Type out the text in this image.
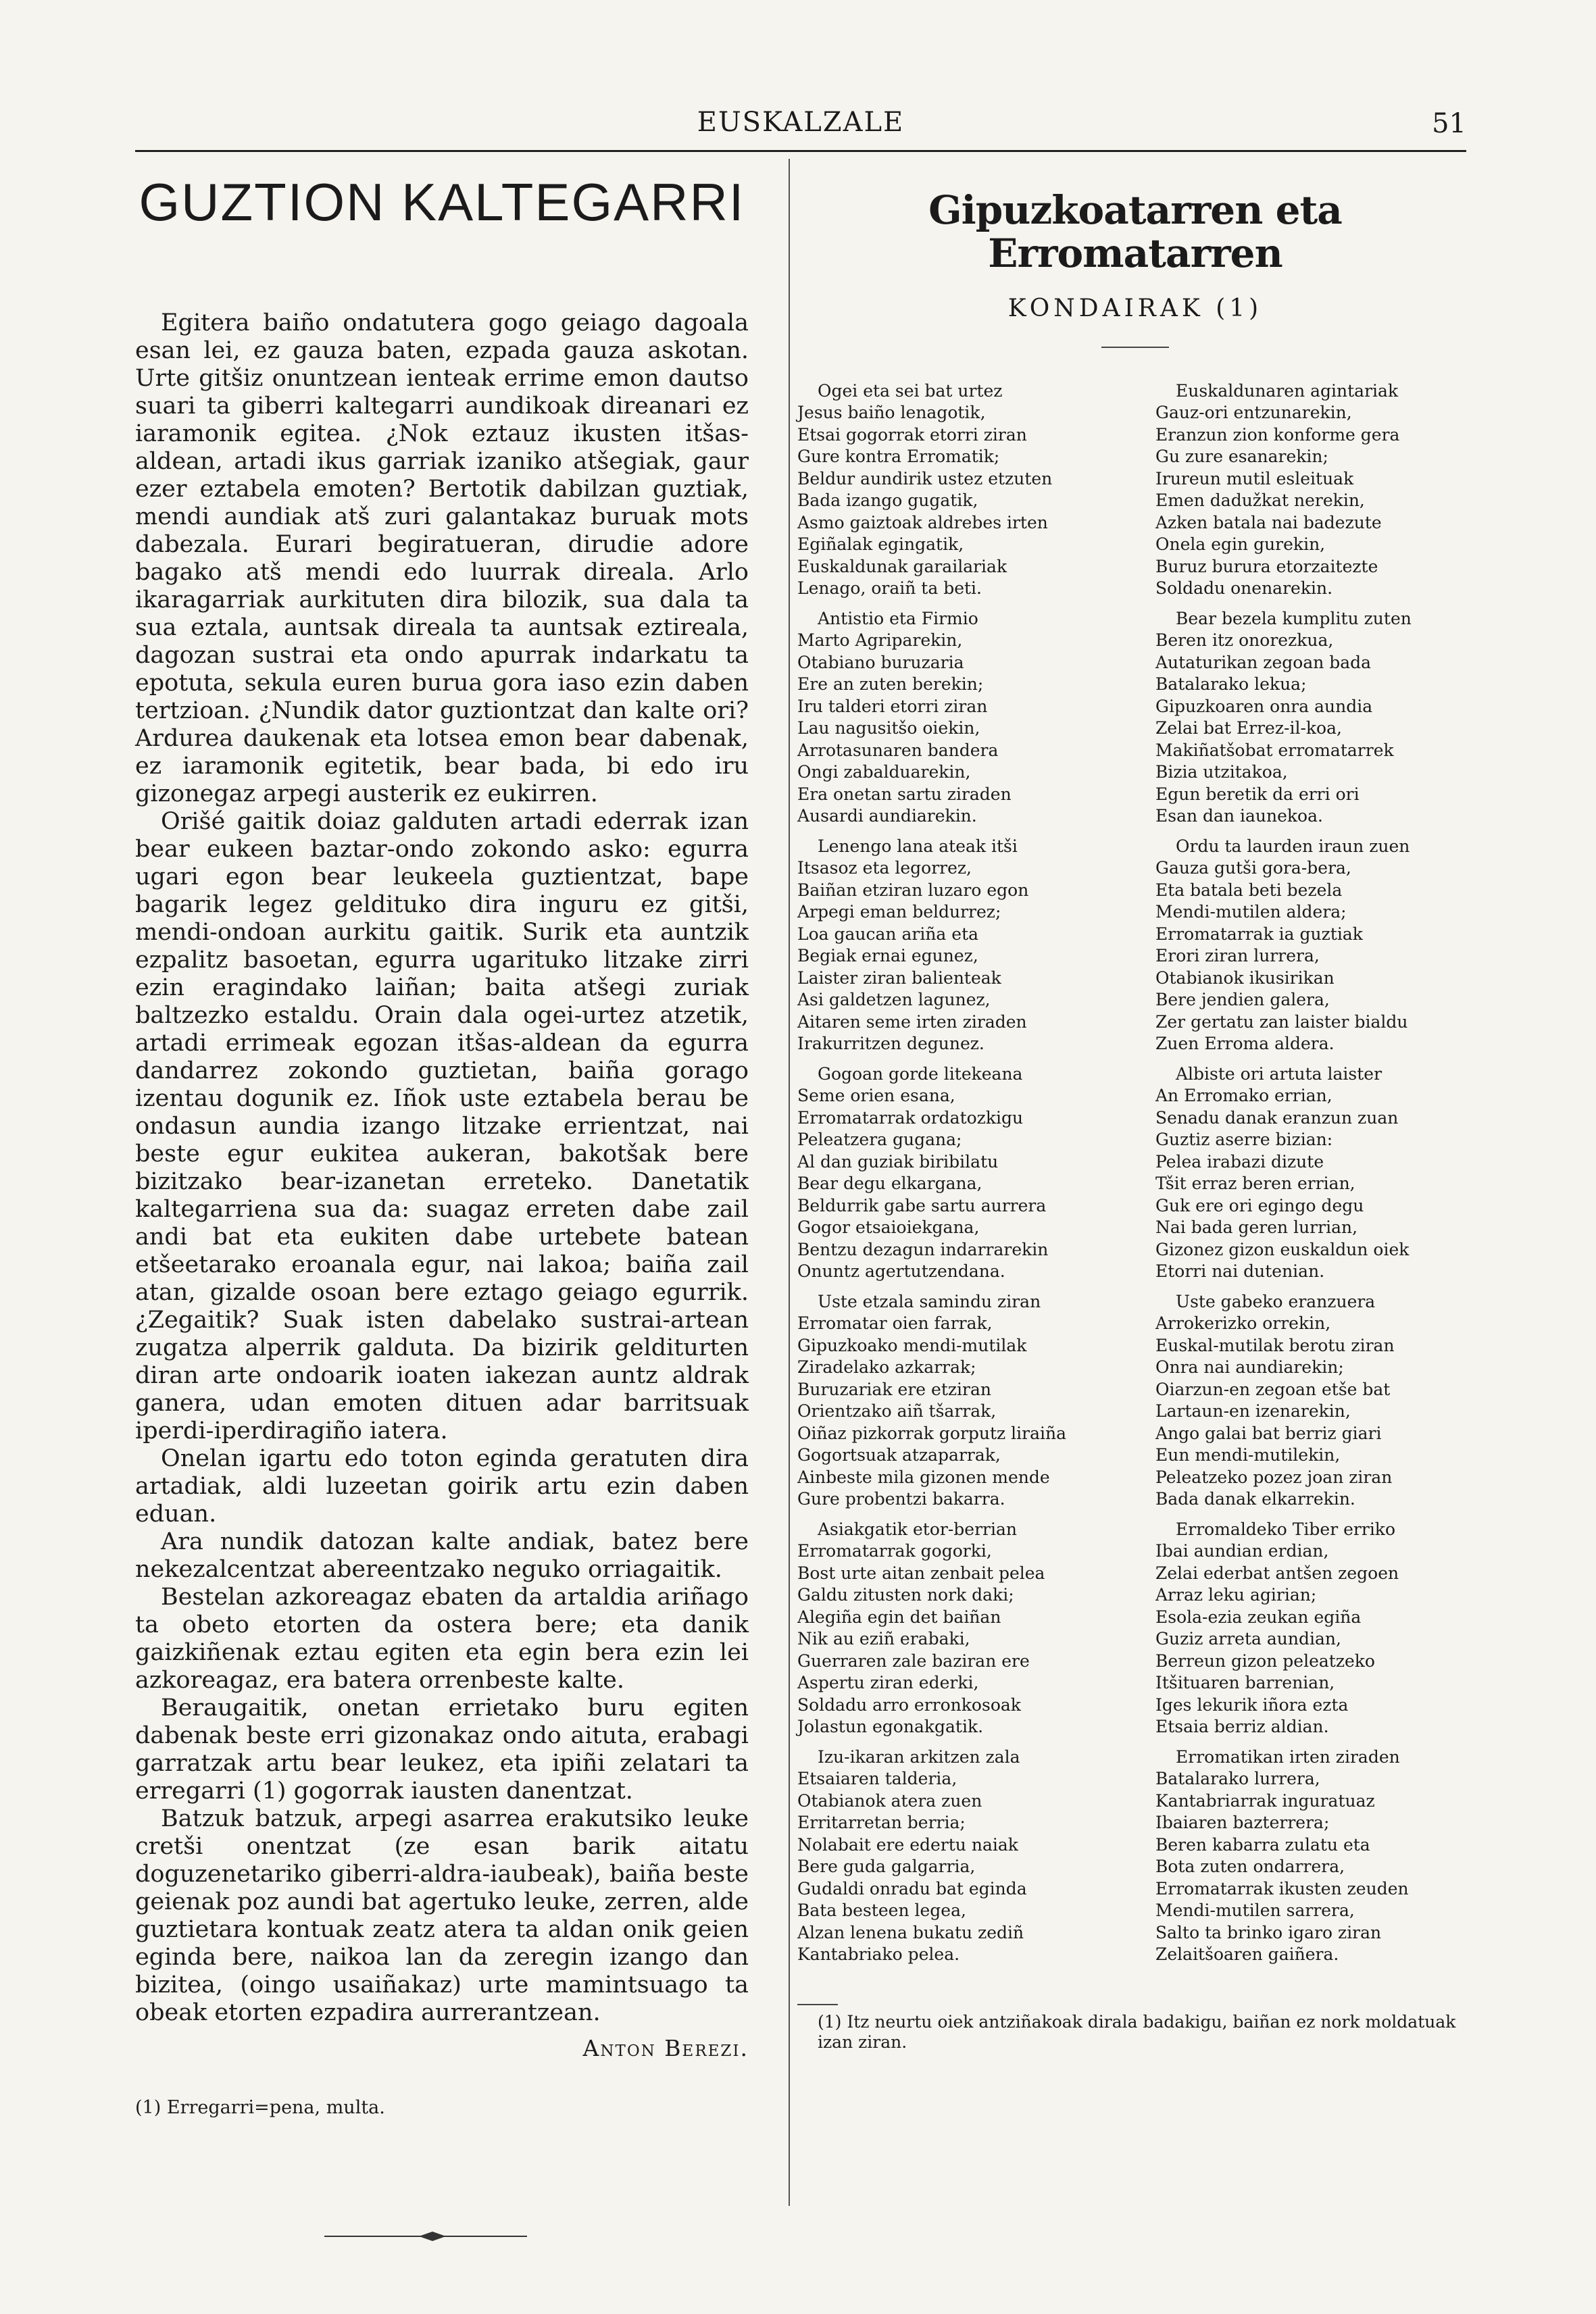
EUSKALZALE	51
GUZTION KALTEGARRI

Egitera baiño ondatutera gogo geiago dagoala esan lei, ez gauza baten, ezpada gauza askotan. Urte gitšiz onuntzean ienteak errime emon dautso suari ta giberri kaltegarri aundikoak direanari ez iaramonik egitea. ¿Nok eztauz ikusten itšas-aldean, artadi ikus garriak izaniko atšegiak, gaur ezer eztabela emoten? Bertotik dabilzan guztiak, mendi aundiak atš zuri galantakaz buruak mots dabezala. Eurari begiratueran, dirudie adore bagako atš mendi edo luurrak direala. Arlo ikaragarriak aurkituten dira bilozik, sua dala ta sua eztala, auntsak direala ta auntsak eztireala, dagozan sustrai eta ondo apurrak indarkatu ta epotuta, sekula euren burua gora iaso ezin daben tertzioan. ¿Nundik dator guztiontzat dan kalte ori? Ardurea daukenak eta lotsea emon bear dabenak, ez iaramonik egitetik, bear bada, bi edo iru gizonegaz arpegi austerik ez eukirren.

Orišé gaitik doiaz galduten artadi ederrak izan bear eukeen baztar-ondo zokondo asko: egurra ugari egon bear leukeela guztientzat, bape bagarik legez geldituko dira inguru ez gitši, mendi-ondoan aurkitu gaitik. Surik eta auntzik ezpalitz basoetan, egurra ugarituko litzake zirri ezin eragindako laiñan; baita atšegi zuriak baltzezko estaldu. Orain dala ogei-urtez atzetik, artadi errimeak egozan itšas-aldean da egurra dandarrez zokondo guztietan, baiña gorago izentau dogunik ez. Iñok uste eztabela berau be ondasun aundia izango litzake errientzat, nai beste egur eukitea aukeran, bakotšak bere bizitzako bear-izanetan erreteko. Danetatik kaltegarriena sua da: suagaz erreten dabe zail andi bat eta eukiten dabe urtebete batean etšeetarako eroanala egur, nai lakoa; baiña zail atan, gizalde osoan bere eztago geiago egurrik. ¿Zegaitik? Suak isten dabelako sustrai-artean zugatza alperrik galduta. Da bizirik gelditurten diran arte ondoarik ioaten iakezan auntz aldrak ganera, udan emoten dituen adar barritsuak iperdi-iperdiragiño iatera.

Onelan igartu edo toton eginda geratuten dira artadiak, aldi luzeetan goirik artu ezin daben eduan.

Ara nundik datozan kalte andiak, batez bere nekezalcentzat abereentzako neguko orriagaitik.

Bestelan azkoreagaz ebaten da artaldia ariñago ta obeto etorten da ostera bere; eta danik gaizkiñenak eztau egiten eta egin bera ezin lei azkoreagaz, era batera orrenbeste kalte.

Beraugaitik, onetan errietako buru egiten dabenak beste erri gizonakaz ondo aituta, erabagi garratzak artu bear leukez, eta ipiñi zelatari ta erregarri (1) gogorrak iausten danentzat.

Batzuk batzuk, arpegi asarrea erakutsiko leuke cretši onentzat (ze esan barik aitatu doguzenetariko giberri-aldra-iaubeak), baiña beste geienak poz aundi bat agertuko leuke, zerren, alde guztietara kontuak zeatz atera ta aldan onik geien eginda bere, naikoa lan da zeregin izango dan bizitea, (oingo usaiñakaz) urte mamintsuago ta obeak etorten ezpadira aurrerantzean.

Anton Berezi.
(1) Erregarri=pena, multa.
Gipuzkoatarren eta Erromatarren
KONDAIRAK (1)
Ogei eta sei bat urtez
Jesus baiño lenagotik,
Etsai gogorrak etorri ziran
Gure kontra Erromatik;
Beldur aundirik ustez etzuten
Bada izango gugatik,
Asmo gaiztoak aldrebes irten
Egiñalak egingatik,
Euskaldunak garailariak
Lenago, oraiñ ta beti.
Antistio eta Firmio
Marto Agriparekin,
Otabiano buruzaria
Ere an zuten berekin;
Iru talderi etorri ziran
Lau nagusitšo oiekin,
Arrotasunaren bandera
Ongi zabalduarekin,
Era onetan sartu ziraden
Ausardi aundiarekin.
Lenengo lana ateak itši
Itsasoz eta legorrez,
Baiñan etziran luzaro egon
Arpegi eman beldurrez;
Loa gaucan ariña eta
Begiak ernai egunez,
Laister ziran balienteak
Asi galdetzen lagunez,
Aitaren seme irten ziraden
Irakurritzen degunez.
Gogoan gorde litekeana
Seme orien esana,
Erromatarrak ordatozkigu
Peleatzera gugana;
Al dan guziak biribilatu
Bear degu elkargana,
Beldurrik gabe sartu aurrera
Gogor etsaioiekgana,
Bentzu dezagun indarrarekin
Onuntz agertutzendana.
Uste etzala samindu ziran
Erromatar oien farrak,
Gipuzkoako mendi-mutilak
Ziradelako azkarrak;
Buruzariak ere etziran
Orientzako aiñ tšarrak,
Oiñaz pizkorrak gorputz liraiña
Gogortsuak atzaparrak,
Ainbeste mila gizonen mende
Gure probentzi bakarra.
Asiakgatik etor-berrian
Erromatarrak gogorki,
Bost urte aitan zenbait pelea
Galdu zitusten nork daki;
Alegiña egin det baiñan
Nik au eziñ erabaki,
Guerraren zale baziran ere
Aspertu ziran ederki,
Soldadu arro erronkosoak
Jolastun egonakgatik.
Izu-ikaran arkitzen zala
Etsaiaren talderia,
Otabianok atera zuen
Erritarretan berria;
Nolabait ere edertu naiak
Bere guda galgarria,
Gudaldi onradu bat eginda
Bata besteen legea,
Alzan lenena bukatu zediñ
Kantabriako pelea.
Euskaldunaren agintariak
Gauz-ori entzunarekin,
Eranzun zion konforme gera
Gu zure esanarekin;
Irureun mutil esleituak
Emen dadužkat nerekin,
Azken batala nai badezute
Onela egin gurekin,
Buruz burura etorzaitezte
Soldadu onenarekin.
Bear bezela kumplitu zuten
Beren itz onorezkua,
Autaturikan zegoan bada
Batalarako lekua;
Gipuzkoaren onra aundia
Zelai bat Errez-il-koa,
Makiñatšobat erromatarrek
Bizia utzitakoa,
Egun beretik da erri ori
Esan dan iaunekoa.
Ordu ta laurden iraun zuen
Gauza gutši gora-bera,
Eta batala beti bezela
Mendi-mutilen aldera;
Erromatarrak ia guztiak
Erori ziran lurrera,
Otabianok ikusirikan
Bere jendien galera,
Zer gertatu zan laister bialdu
Zuen Erroma aldera.
Albiste ori artuta laister
An Erromako errian,
Senadu danak eranzun zuan
Guztiz aserre bizian:
Pelea irabazi dizute
Tšit erraz beren errian,
Guk ere ori egingo degu
Nai bada geren lurrian,
Gizonez gizon euskaldun oiek
Etorri nai dutenian.
Uste gabeko eranzuera
Arrokerizko orrekin,
Euskal-mutilak berotu ziran
Onra nai aundiarekin;
Oiarzun-en zegoan etše bat
Lartaun-en izenarekin,
Ango galai bat berriz giari
Eun mendi-mutilekin,
Peleatzeko pozez joan ziran
Bada danak elkarrekin.
Erromaldeko Tiber erriko
Ibai aundian erdian,
Zelai ederbat antšen zegoen
Arraz leku agirian;
Esola-ezia zeukan egiña
Guziz arreta aundian,
Berreun gizon peleatzeko
Itšituaren barrenian,
Iges lekurik iñora ezta
Etsaia berriz aldian.
Erromatikan irten ziraden
Batalarako lurrera,
Kantabriarrak inguratuaz
Ibaiaren bazterrera;
Beren kabarra zulatu eta
Bota zuten ondarrera,
Erromatarrak ikusten zeuden
Mendi-mutilen sarrera,
Salto ta brinko igaro ziran
Zelaitšoaren gaiñera.
(1) Itz neurtu oiek antziñakoak dirala badakigu, baiñan ez nork moldatuak izan ziran.
